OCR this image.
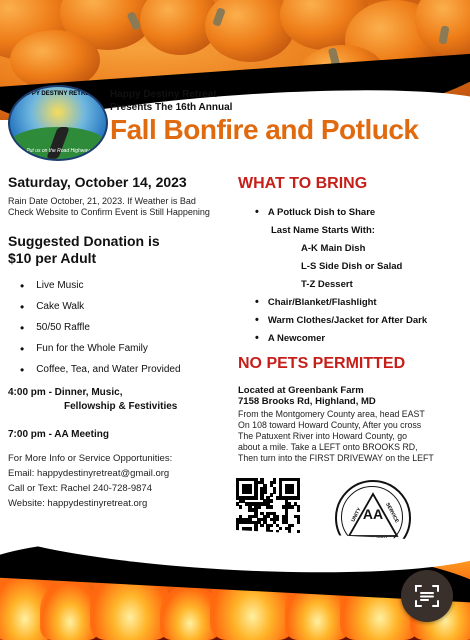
HAPPY DESTINY RETREAT
Put us on the Road Highway
Happy Destiny Retreat
Presents The 16th Annual
Fall Bonfire and Potluck
Saturday, October 14, 2023
Rain Date October, 21, 2023. If Weather is Bad
Check Website to Confirm Event is Still Happening
Suggested Donation is
$10 per Adult
• Live Music
• Cake Walk
• 50/50 Raffle
• Fun for the Whole Family
• Coffee, Tea, and Water Provided
4:00 pm - Dinner, Music,
Fellowship & Festivities
7:00 pm - AA Meeting
For More Info or Service Opportunities:
Email: happydestinyretreat@gmail.org
Call or Text: Rachel 240-728-9874
Website: happydestinyretreat.org
WHAT TO BRING
• A Potluck Dish to Share
Last Name Starts With:
A-K Main Dish
L-S Side Dish or Salad
T-Z Dessert
• Chair/Blanket/Flashlight
• Warm Clothes/Jacket for After Dark
• A Newcomer
NO PETS PERMITTED
Located at Greenbank Farm
7158 Brooks Rd, Highland, MD
From the Montgomery County area, head EAST
On 108 toward Howard County, After you cross
The Patuxent River into Howard County, go
about a mile. Take a LEFT onto BROOKS RD,
Then turn into the FIRST DRIVEWAY on the LEFT
UNITY	SERVICE
AA
